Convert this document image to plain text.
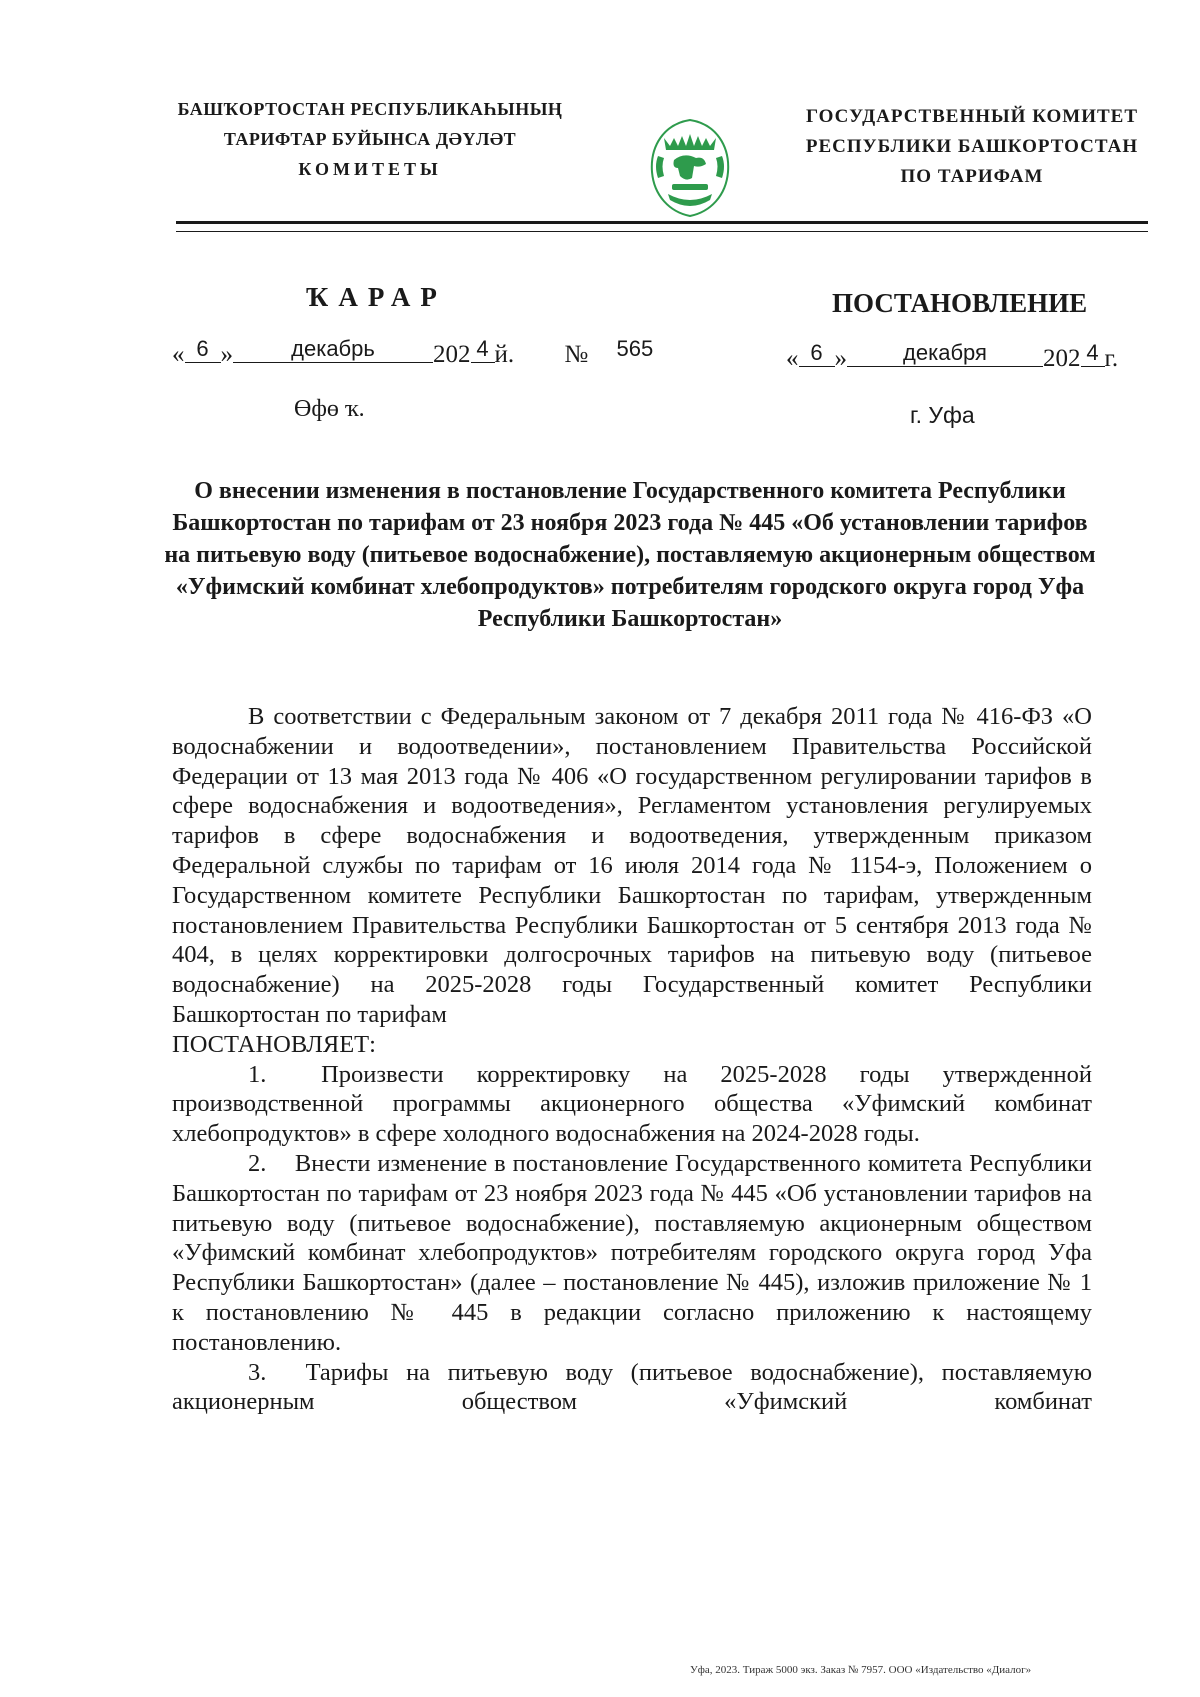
БАШҠОРТОСТАН РЕСПУБЛИКАҺЫНЫҢ
ТАРИФТАР БУЙЫНСА ДӘҮЛӘТ
КОМИТЕТЫ
ГОСУДАРСТВЕННЫЙ КОМИТЕТ
РЕСПУБЛИКИ БАШКОРТОСТАН
ПО ТАРИФАМ
ҠАРАР
« 6 »	декабрь 202 4 й. № 565
Өфө ҡ.
ПОСТАНОВЛЕНИЕ
« 6 »	декабря 202 4 г.
г. Уфа
О внесении изменения в постановление Государственного комитета Республики Башкортостан по тарифам от 23 ноября 2023 года № 445 «Об установлении тарифов на питьевую воду (питьевое водоснабжение), поставляемую акционерным обществом «Уфимский комбинат хлебопродуктов» потребителям городского округа город Уфа Республики Башкортостан»

В соответствии с Федеральным законом от 7 декабря 2011 года № 416-ФЗ «О водоснабжении и водоотведении», постановлением Правительства Российской Федерации от 13 мая 2013 года № 406 «О государственном регулировании тарифов в сфере водоснабжения и водоотведения», Регламентом установления регулируемых тарифов в сфере водоснабжения и водоотведения, утвержденным приказом Федеральной службы по тарифам от 16 июля 2014 года № 1154-э, Положением о Государственном комитете Республики Башкортостан по тарифам, утвержденным постановлением Правительства Республики Башкортостан от 5 сентября 2013 года № 404, в целях корректировки долгосрочных тарифов на питьевую воду (питьевое водоснабжение) на 2025-2028 годы Государственный комитет Республики Башкортостан по тарифам

ПОСТАНОВЛЯЕТ:

1. Произвести корректировку на 2025-2028 годы утвержденной производственной программы акционерного общества «Уфимский комбинат хлебопродуктов» в сфере холодного водоснабжения на 2024-2028 годы.

2. Внести изменение в постановление Государственного комитета Республики Башкортостан по тарифам от 23 ноября 2023 года № 445 «Об установлении тарифов на питьевую воду (питьевое водоснабжение), поставляемую акционерным обществом «Уфимский комбинат хлебопродуктов» потребителям городского округа город Уфа Республики Башкортостан» (далее – постановление № 445), изложив приложение № 1 к постановлению № 445 в редакции согласно приложению к настоящему постановлению.

3. Тарифы на питьевую воду (питьевое водоснабжение), поставляемую акционерным обществом «Уфимский комбинат

Уфа, 2023. Тираж 5000 экз. Заказ № 7957. ООО «Издательство «Диалог»
